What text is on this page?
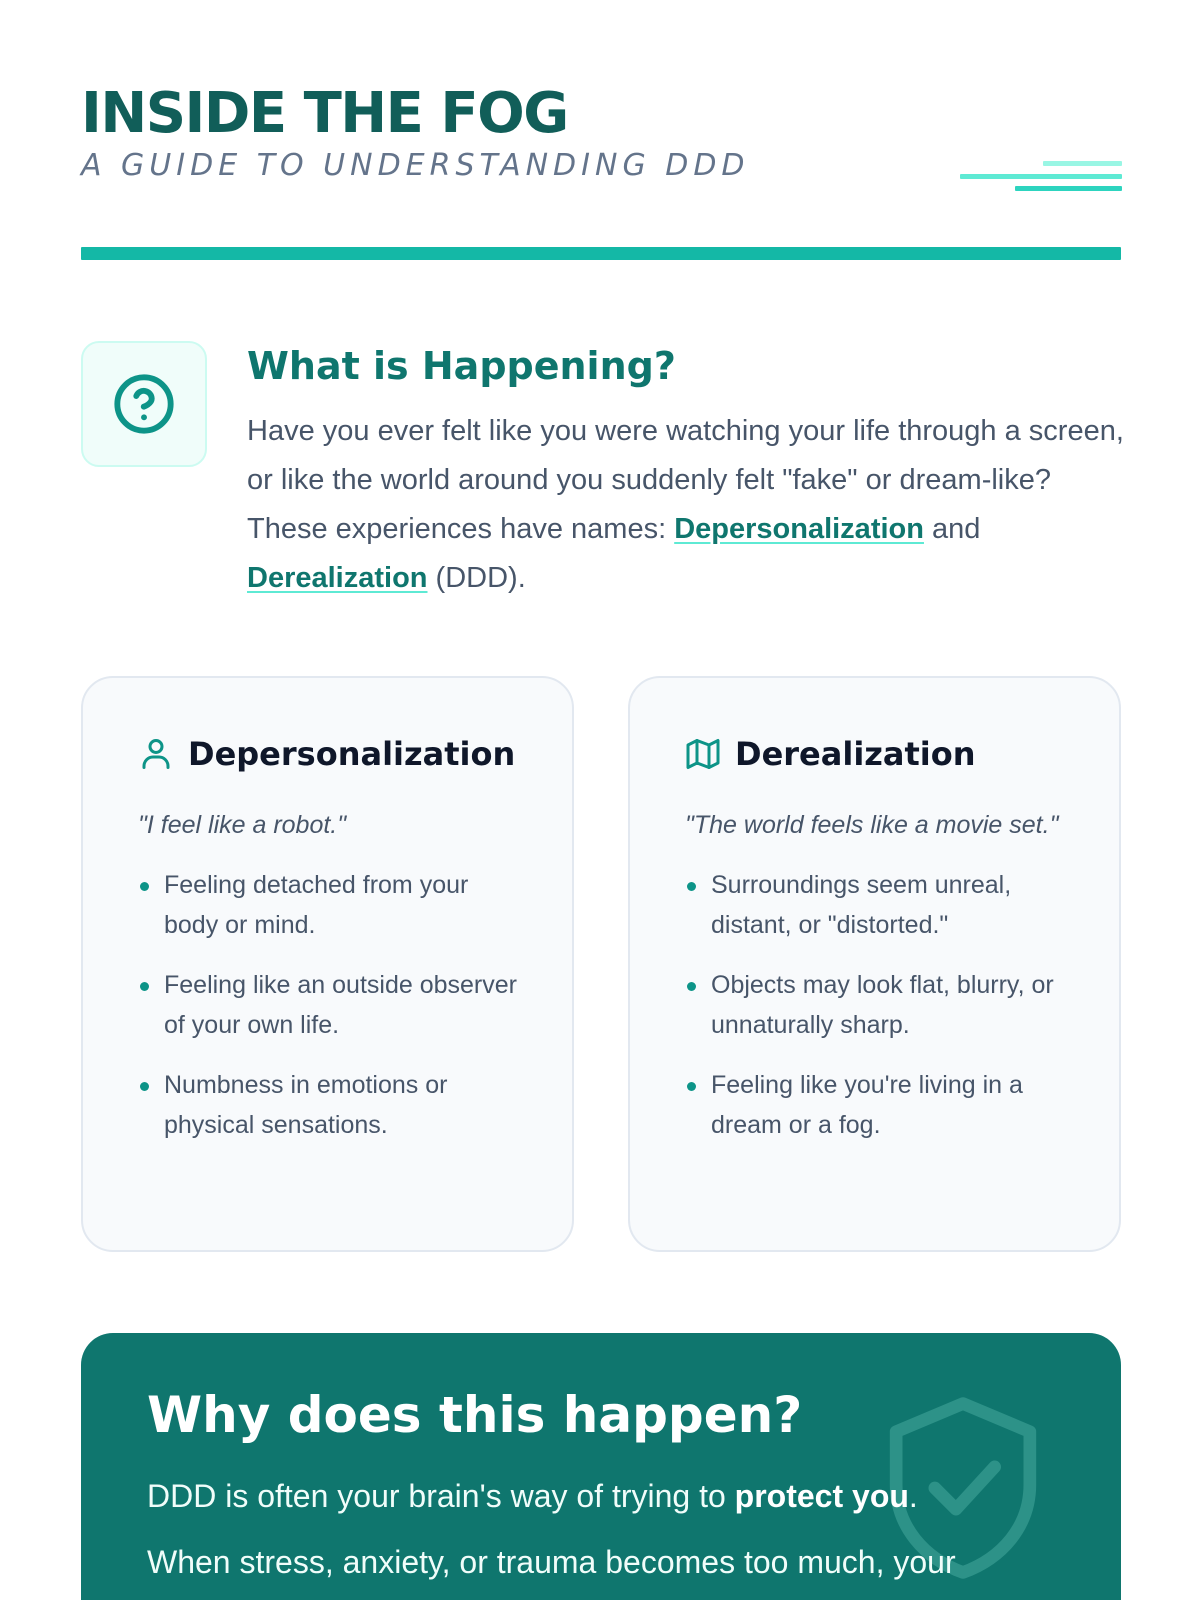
INSIDE THE FOG
A GUIDE TO UNDERSTANDING DDD
What is Happening?

Have you ever felt like you were watching your life through a screen, or like the world around you suddenly felt "fake" or dream-like? These experiences have names: Depersonalization and Derealization (DDD).

Depersonalization
"I feel like a robot."
Feeling detached from your body or mind.
Feeling like an outside observer of your own life.
Numbness in emotions or physical sensations.
Derealization
"The world feels like a movie set."
Surroundings seem unreal, distant, or "distorted."
Objects may look flat, blurry, or unnaturally sharp.
Feeling like you're living in a dream or a fog.
Why does this happen?

DDD is often your brain's way of trying to protect you.
When stress, anxiety, or trauma becomes too much, your
